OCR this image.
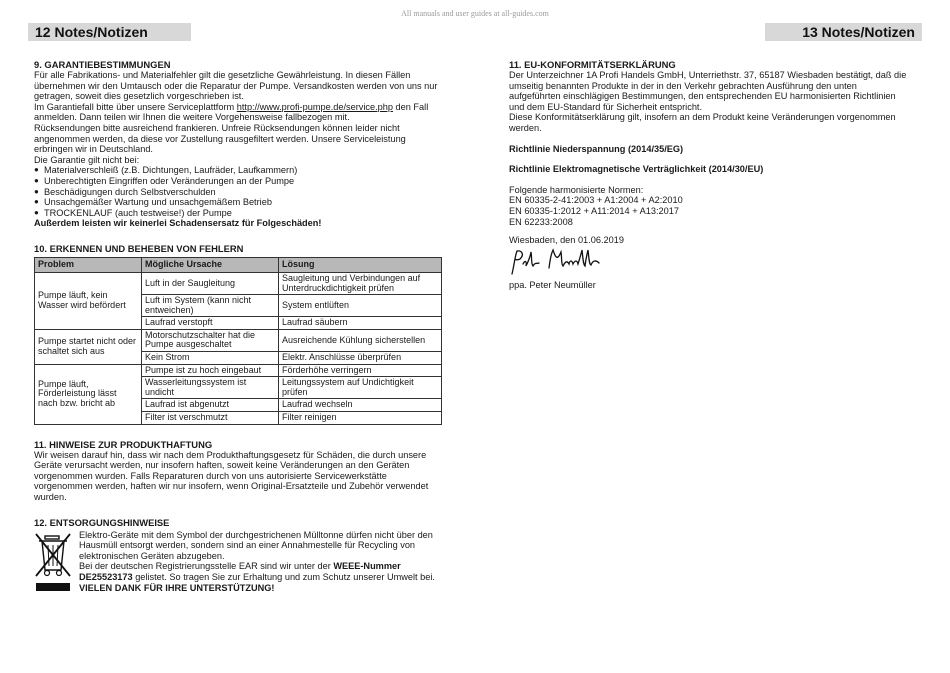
All manuals and user guides at all-guides.com
12 Notes/Notizen	13 Notes/Notizen
9. GARANTIEBESTIMMUNGEN

Für alle Fabrikations- und Materialfehler gilt die gesetzliche Gewährleistung. In diesen Fällen übernehmen wir den Umtausch oder die Reparatur der Pumpe. Versandkosten werden von uns nur getragen, soweit dies gesetzlich vorgeschrieben ist.

Im Garantiefall bitte über unsere Serviceplattform http://www.profi-pumpe.de/service.php den Fall anmelden. Dann teilen wir Ihnen die weitere Vorgehensweise fallbezogen mit.

Rücksendungen bitte ausreichend frankieren. Unfreie Rücksendungen können leider nicht angenommen werden, da diese vor Zustellung rausgefiltert werden. Unsere Serviceleistung erbringen wir in Deutschland.

Die Garantie gilt nicht bei:

● Materialverschleiß (z.B. Dichtungen, Laufräder, Laufkammern)
● Unberechtigten Eingriffen oder Veränderungen an der Pumpe
● Beschädigungen durch Selbstverschulden
● Unsachgemäßer Wartung und unsachgemäßem Betrieb
● TROCKENLAUF (auch testweise!) der Pumpe

Außerdem leisten wir keinerlei Schadensersatz für Folgeschäden!

10. ERKENNEN UND BEHEBEN VON FEHLERN
Problem	Mögliche Ursache	Lösung
Pumpe läuft, kein Wasser wird befördert	Luft in der Saugleitung	Saugleitung und Verbindungen auf Unterdruckdichtigkeit prüfen
	Luft im System (kann nicht entweichen)	System entlüften
	Laufrad verstopft	Laufrad säubern
Pumpe startet nicht oder schaltet sich aus	Motorschutzschalter hat die Pumpe ausgeschaltet	Ausreichende Kühlung sicherstellen
	Kein Strom	Elektr. Anschlüsse überprüfen
Pumpe läuft, Förderleistung lässt nach bzw. bricht ab	Pumpe ist zu hoch eingebaut	Förderhöhe verringern
	Wasserleitungssystem ist undicht	Leitungssystem auf Undichtigkeit prüfen
	Laufrad ist abgenutzt	Laufrad wechseln
	Filter ist verschmutzt	Filter reinigen
11. HINWEISE ZUR PRODUKTHAFTUNG

Wir weisen darauf hin, dass wir nach dem Produkthaftungsgesetz für Schäden, die durch unsere Geräte verursacht werden, nur insofern haften, soweit keine Veränderungen an den Geräten vorgenommen wurden. Falls Reparaturen durch von uns autorisierte Servicewerkstätte vorgenommen werden, haften wir nur insofern, wenn Original-Ersatzteile und Zubehör verwendet wurden.

12. ENTSORGUNGSHINWEISE

Elektro-Geräte mit dem Symbol der durchgestrichenen Mülltonne dürfen nicht über den Hausmüll entsorgt werden, sondern sind an einer Annahmestelle für Recycling von elektronischen Geräten abzugeben.

Bei der deutschen Registrierungsstelle EAR sind wir unter der WEEE-Nummer DE25523173 gelistet. So tragen Sie zur Erhaltung und zum Schutz unserer Umwelt bei.

VIELEN DANK FÜR IHRE UNTERSTÜTZUNG!

11. EU-KONFORMITÄTSERKLÄRUNG

Der Unterzeichner 1A Profi Handels GmbH, Unterriethstr. 37, 65187 Wiesbaden bestätigt, daß die umseitig benannten Produkte in der in den Verkehr gebrachten Ausführung den unten aufgeführten einschlägigen Bestimmungen, den entsprechenden EU harmonisierten Richtlinien und dem EU-Standard für Sicherheit entspricht.

Diese Konformitätserklärung gilt, insofern an dem Produkt keine Veränderungen vorgenommen werden.

Richtlinie Niederspannung (2014/35/EG)

Richtlinie Elektromagnetische Verträglichkeit (2014/30/EU)

Folgende harmonisierte Normen:

EN 60335-2-41:2003 + A1:2004 + A2:2010

EN 60335-1:2012 + A11:2014 + A13:2017

EN 62233:2008

Wiesbaden, den 01.06.2019

ppa. Peter Neumüller
